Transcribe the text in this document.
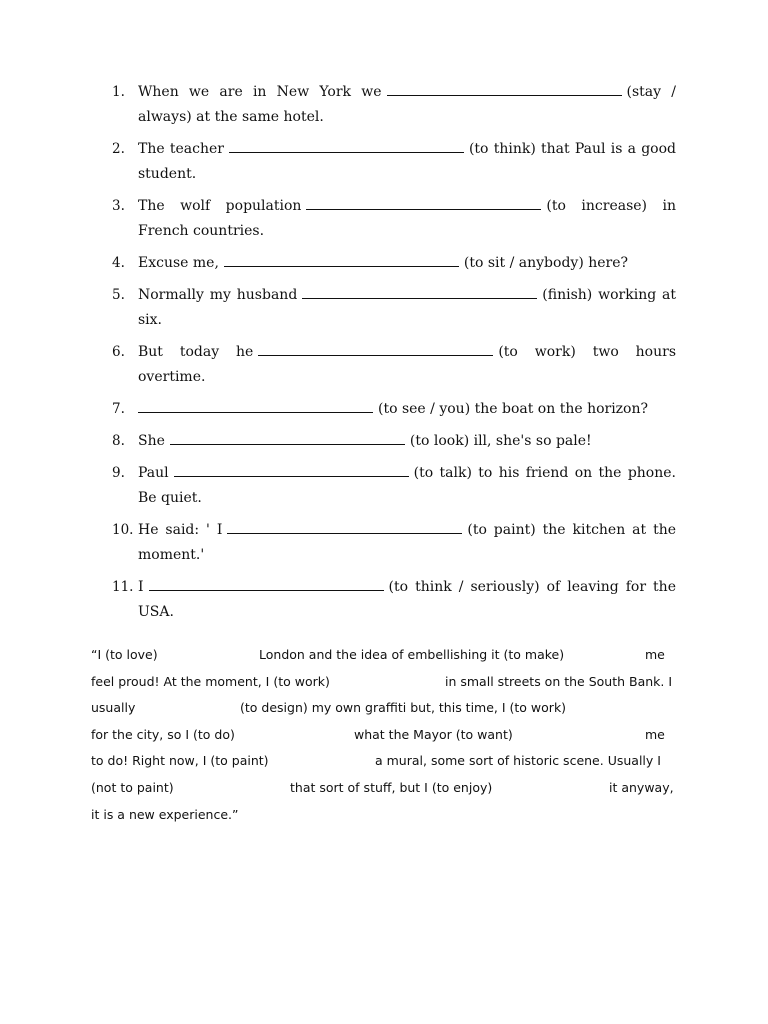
1. When we are in New York we	(stay / always) at the same hotel.
2. The teacher	(to think) that Paul is a good student.
3. The wolf population	(to increase) in French countries.
4. Excuse me,	(to sit / anybody) here?
5. Normally my husband	(finish) working at six.
6. But today he	(to work) two hours overtime.
7.	(to see / you) the boat on the horizon?
8. She	(to look) ill, she's so pale!
9. Paul	(to talk) to his friend on the phone. Be quiet.
10. He said: ' I	(to paint) the kitchen at the moment.'
11. I	(to think / seriously) of leaving for the USA.
“I (to love)	London and the idea of embellishing it (to make)	me
feel proud! At the moment, I (to work)	in small streets on the South Bank. I
usually	(to design) my own graffiti but, this time, I (to work)
for the city, so I (to do)	what the Mayor (to want)	me
to do! Right now, I (to paint)	a mural, some sort of historic scene. Usually I
(not to paint)	that sort of stuff, but I (to enjoy)	it anyway,
it is a new experience.”
